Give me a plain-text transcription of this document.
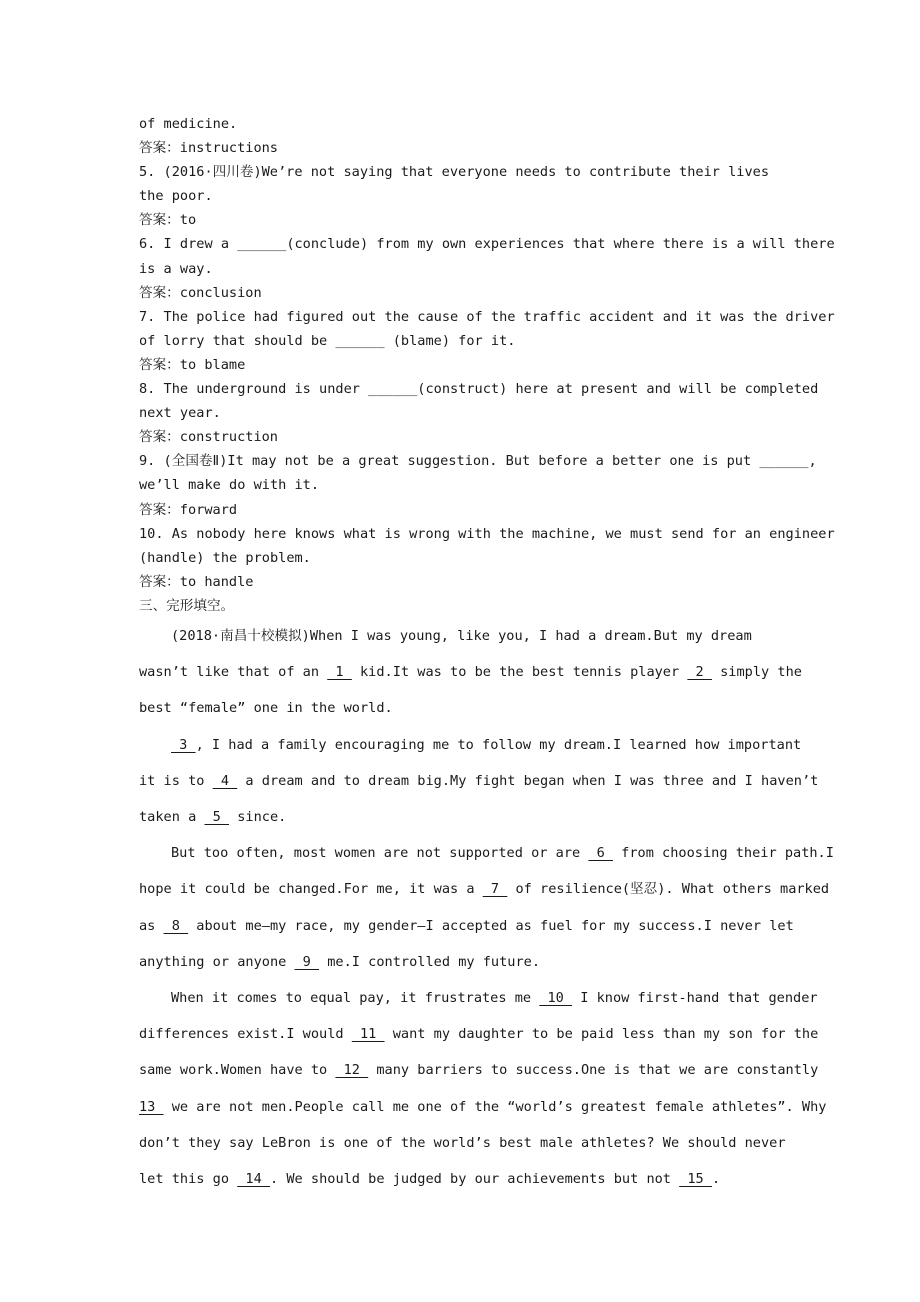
of medicine.
答案：instructions
5. (2016·四川卷)We’re not saying that everyone needs to contribute their lives
the poor.
答案：to
6. I drew a ______(conclude) from my own experiences that where there is a will there
is a way.
答案：conclusion
7. The police had figured out the cause of the traffic accident and it was the driver
of lorry that should be ______ (blame) for it.
答案：to blame
8. The underground is under ______(construct) here at present and will be completed
next year.
答案：construction
9. (全国卷Ⅱ)It may not be a great suggestion. But before a better one is put ______,
we’ll make do with it.
答案：forward
10. As nobody here knows what is wrong with the machine, we must send for an engineer
(handle) the problem.
答案：to handle
三、完形填空。
(2018·南昌十校模拟)When I was young, like you, I had a dream.But my dream
wasn’t like that of an  1  kid.It was to be the best tennis player  2  simply the
best “female” one in the world.
3 , I had a family encouraging me to follow my dream.I learned how important
it is to  4  a dream and to dream big.My fight began when I was three and I haven’t
taken a  5  since.
But too often, most women are not supported or are  6  from choosing their path.I
hope it could be changed.For me, it was a  7  of resilience(坚忍). What others marked
as  8  about me—my race, my gender—I accepted as fuel for my success.I never let
anything or anyone  9  me.I controlled my future.
When it comes to equal pay, it frustrates me  10  I know first-hand that gender
differences exist.I would  11  want my daughter to be paid less than my son for the
same work.Women have to  12  many barriers to success.One is that we are constantly
13  we are not men.People call me one of the “world’s greatest female athletes”. Why
don’t they say LeBron is one of the world’s best male athletes? We should never
let this go  14 . We should be judged by our achievements but not  15 .
